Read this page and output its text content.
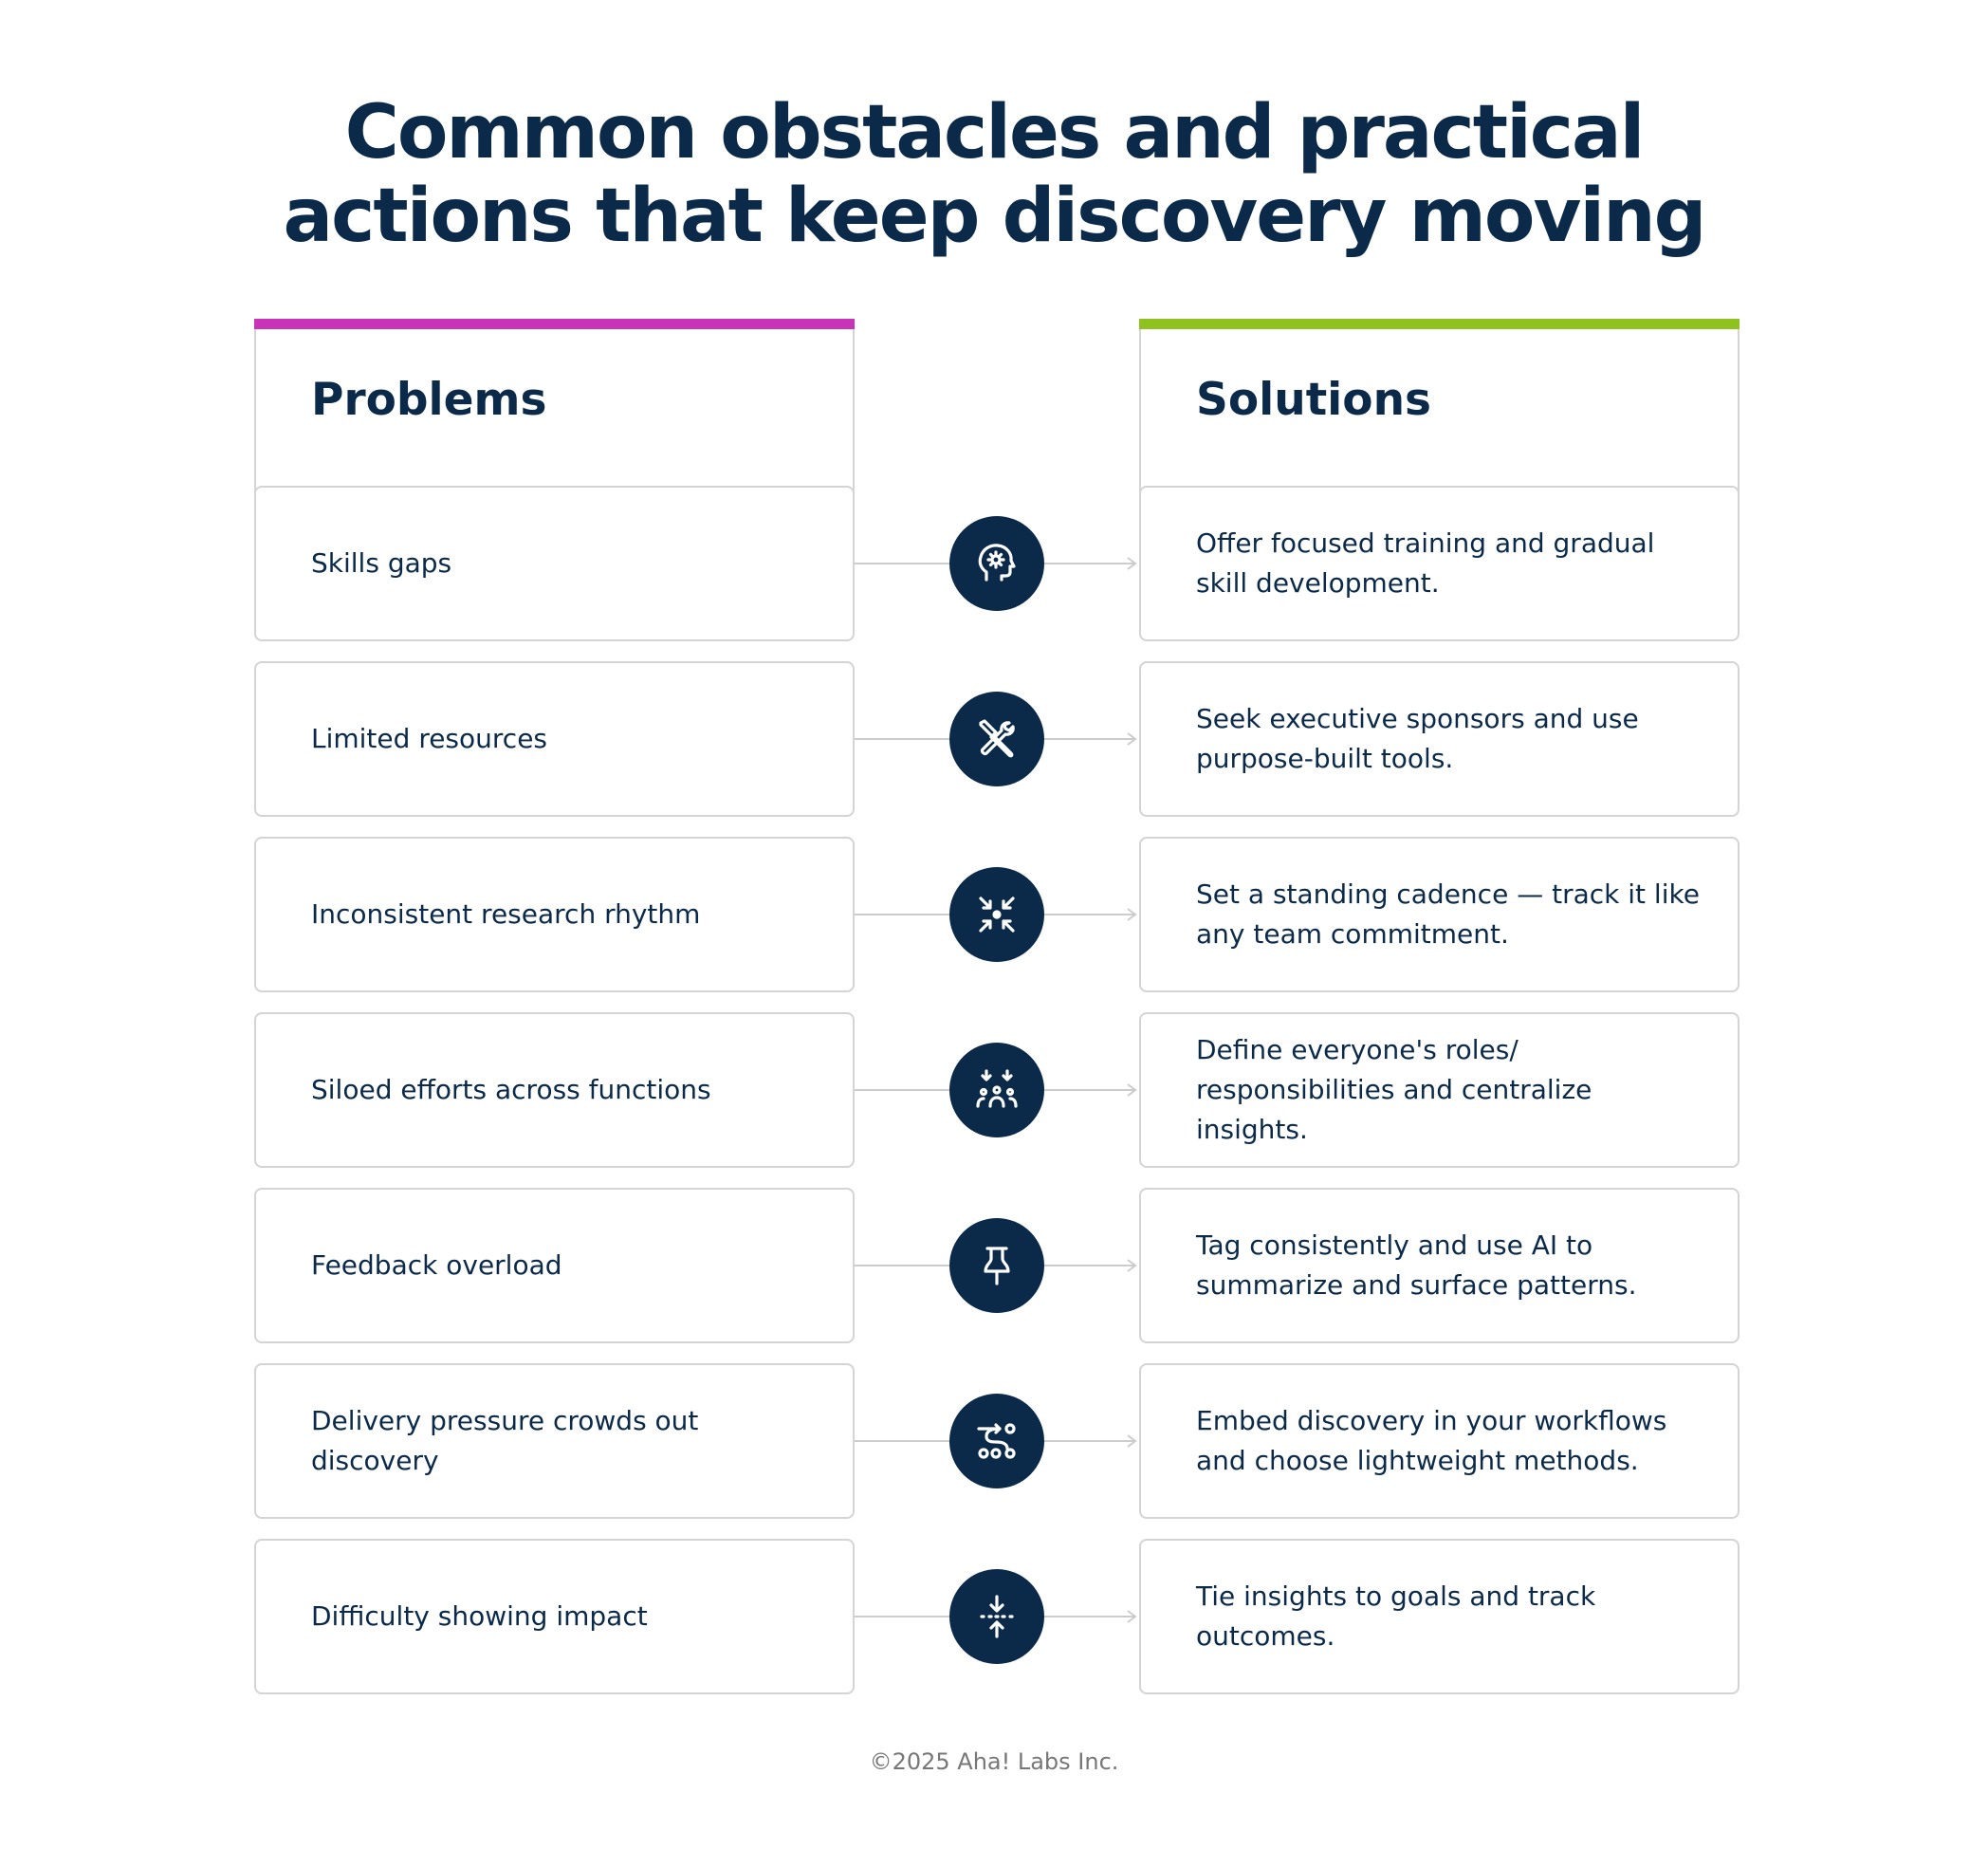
Common obstacles and practical
actions that keep discovery moving
Problems	Solutions
Skills gaps
Offer focused training and gradual skill development.
Limited resources
Seek executive sponsors and use purpose-built tools.
Inconsistent research rhythm
Set a standing cadence — track it like any team commitment.
Siloed efforts across functions
Define everyone's roles/ responsibilities and centralize insights.
Feedback overload
Tag consistently and use AI to summarize and surface patterns.
Delivery pressure crowds out discovery
Embed discovery in your workflows and choose lightweight methods.
Difficulty showing impact
Tie insights to goals and track outcomes.
©2025 Aha! Labs Inc.
